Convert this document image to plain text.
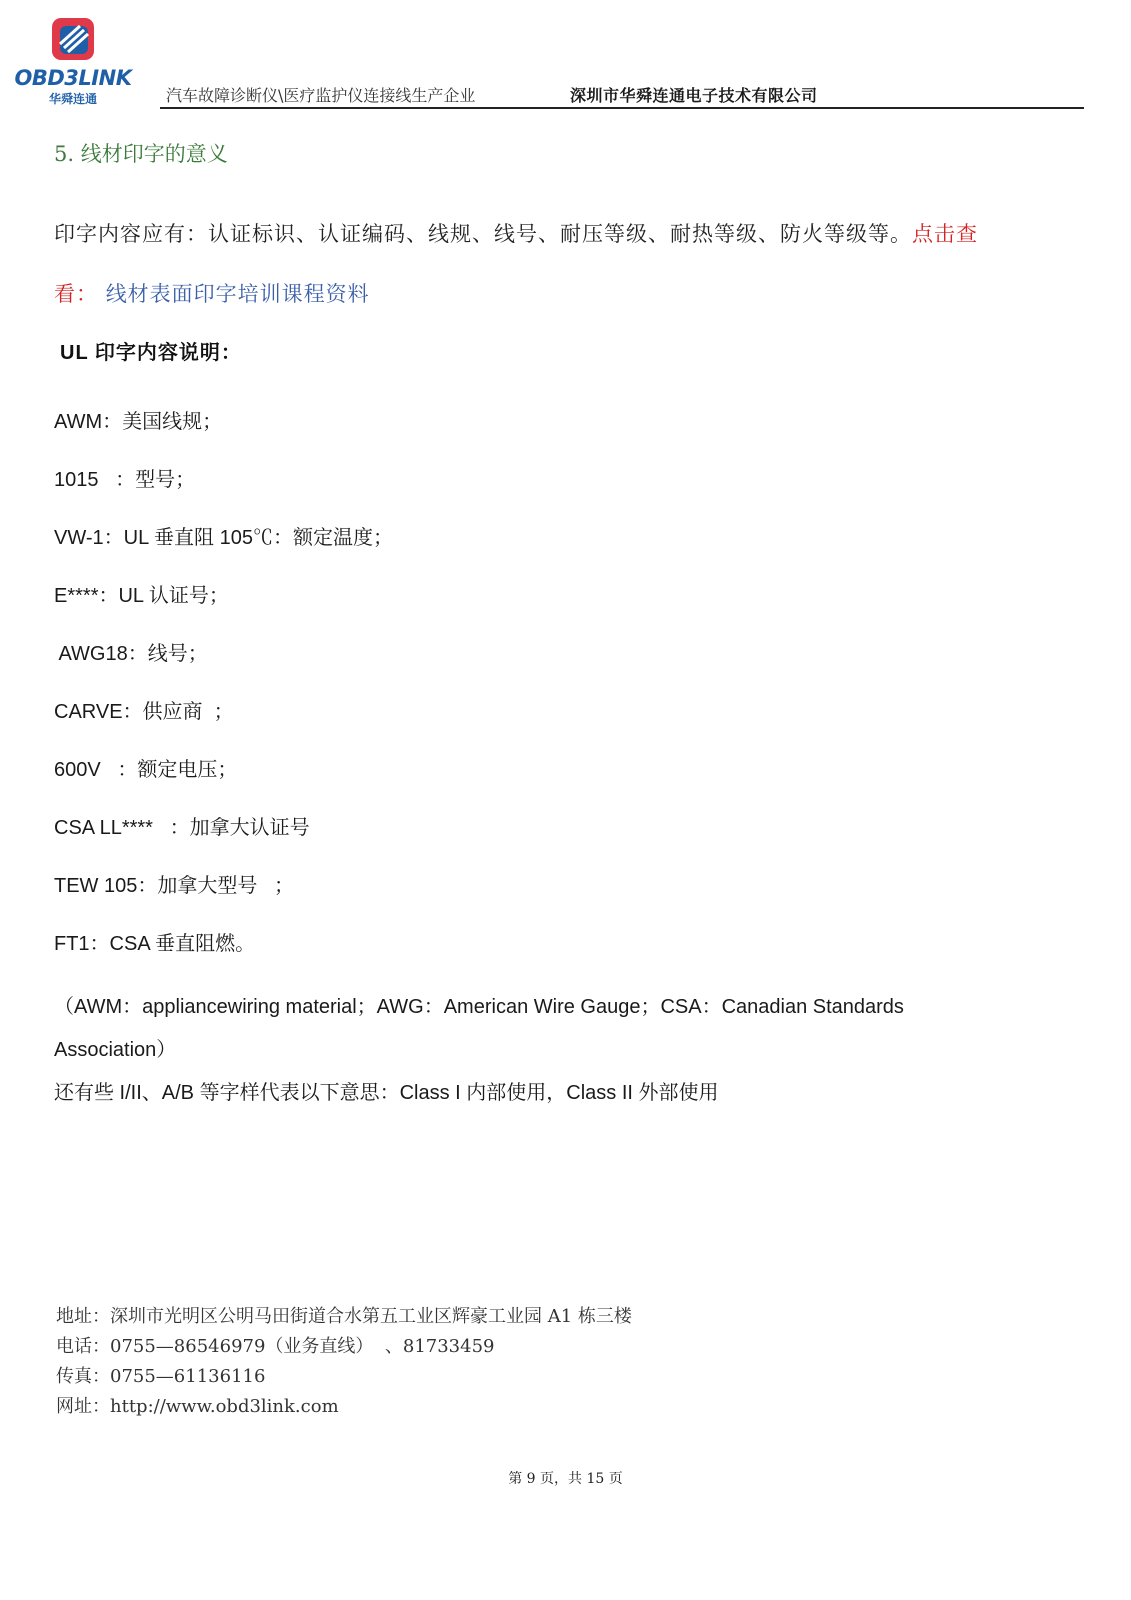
OBD3LINK
华舜连通	汽车故障诊断仪\医疗监护仪连接线生产企业	深圳市华舜连通电子技术有限公司
5. 线材印字的意义
印字内容应有：认证标识、认证编码、线规、线号、耐压等级、耐热等级、防火等级等。点击查
看： 线材表面印字培训课程资料
UL 印字内容说明：
AWM：美国线规；
1015   ：型号；
VW-1：UL 垂直阻 105℃：额定温度；
E****：UL 认证号；
AWG18：线号；
CARVE：供应商  ；
600V   ：额定电压；
CSA LL****   ：加拿大认证号
TEW 105：加拿大型号   ；
FT1：CSA 垂直阻燃。
（AWM：appliancewiring material；AWG：American Wire Gauge；CSA：Canadian Standards
Association）
还有些 I/II、A/B 等字样代表以下意思：Class I 内部使用，Class II 外部使用
地址：深圳市光明区公明马田街道合水第五工业区辉豪工业园 A1 栋三楼
电话：0755—86546979（业务直线）  、81733459
传真：0755—61136116
网址：http://www.obd3link.com
第 9 页，共 15 页
